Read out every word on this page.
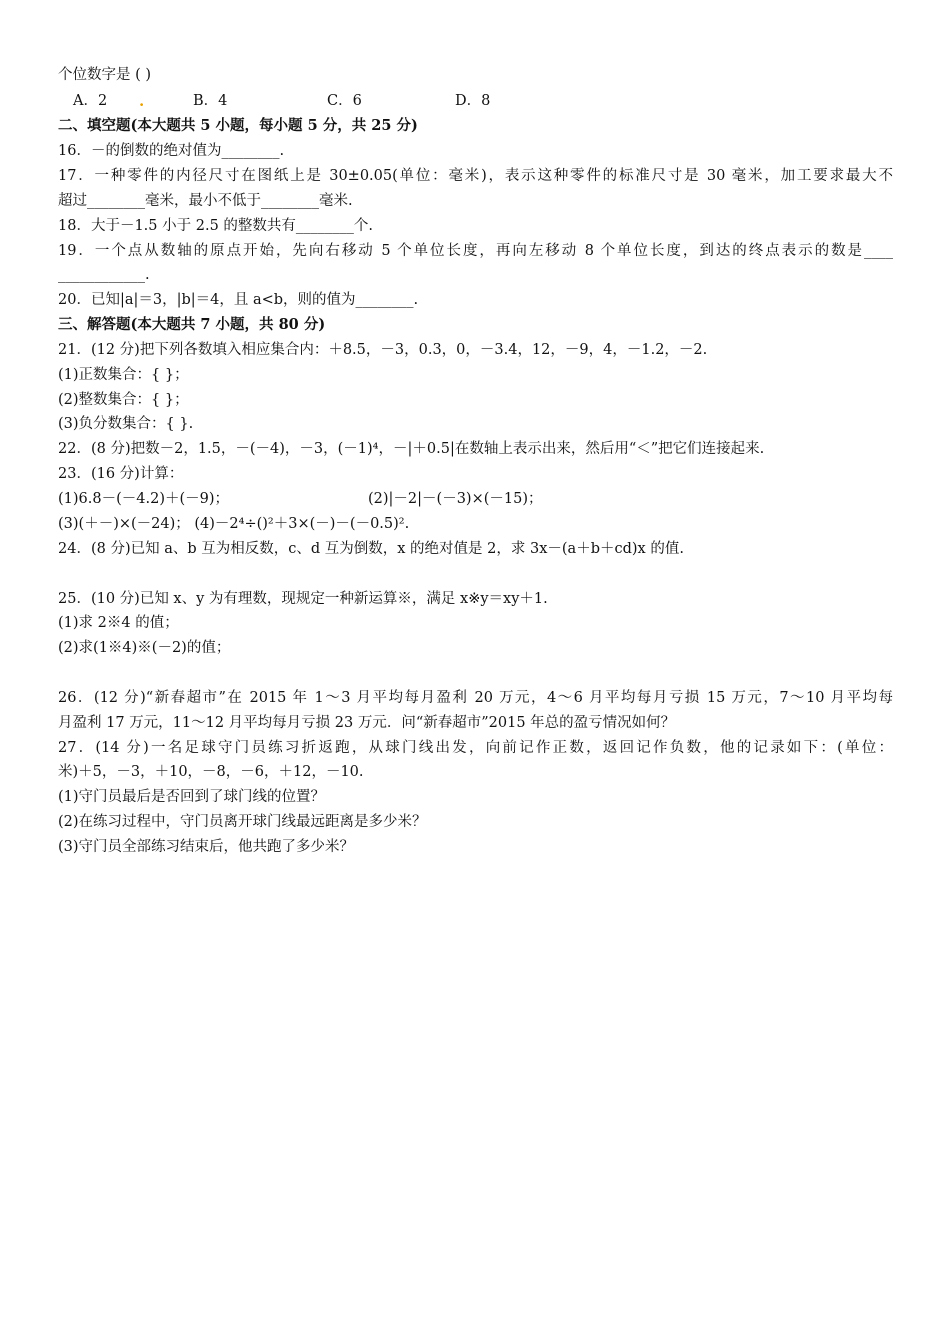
个位数字是 ( )
A．2 .	B．4	C．6	D．8
二、填空题(本大题共 5 小题，每小题 5 分，共 25 分)
16．－的倒数的绝对值为________.
17．一种零件的内径尺寸在图纸上是 30±0.05(单位：毫米)，表示这种零件的标准尺寸是 30 毫米，加工要求最大不
超过________毫米，最小不低于________毫米.
18．大于－1.5 小于 2.5 的整数共有________个.
19．一个点从数轴的原点开始，先向右移动 5 个单位长度，再向左移动 8 个单位长度，到达的终点表示的数是____
____________.
20．已知|a|＝3，|b|＝4，且 a<b，则的值为________.
三、解答题(本大题共 7 小题，共 80 分)
21．(12 分)把下列各数填入相应集合内：＋8.5，－3，0.3，0，－3.4，12，－9，4，－1.2，－2.
(1)正数集合：{ }；
(2)整数集合：{ }；
(3)负分数集合：{ }.
22．(8 分)把数－2，1.5，－(－4)，－3，(－1)⁴，－|＋0.5|在数轴上表示出来，然后用“＜”把它们连接起来.
23．(16 分)计算：
(1)6.8－(－4.2)＋(－9)；	(2)|－2|－(－3)×(－15)；
(3)(＋－)×(－24)； (4)－2⁴÷()²＋3×(－)－(－0.5)².
24．(8 分)已知 a、b 互为相反数，c、d 互为倒数，x 的绝对值是 2，求 3x－(a＋b＋cd)x 的值.
25．(10 分)已知 x、y 为有理数，现规定一种新运算※，满足 x※y＝xy＋1.
(1)求 2※4 的值；
(2)求(1※4)※(－2)的值；
26．(12 分)“新春超市”在 2015 年 1～3 月平均每月盈利 20 万元，4～6 月平均每月亏损 15 万元，7～10 月平均每
月盈利 17 万元，11～12 月平均每月亏损 23 万元．问“新春超市”2015 年总的盈亏情况如何？
27．(14 分)一名足球守门员练习折返跑，从球门线出发，向前记作正数，返回记作负数，他的记录如下：(单位：
米)＋5，－3，＋10，－8，－6，＋12，－10.
(1)守门员最后是否回到了球门线的位置？
(2)在练习过程中，守门员离开球门线最远距离是多少米？
(3)守门员全部练习结束后，他共跑了多少米？
